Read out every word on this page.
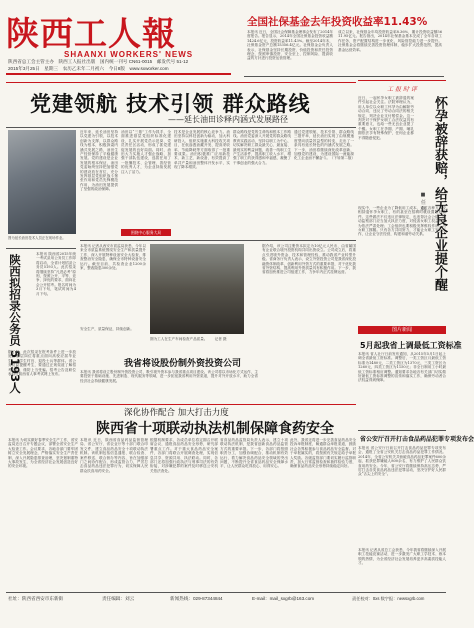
陕西工人報
SHAANXI WORKERS' NEWS
陕西省总工会主管主办　陕西工人报社出版　国内统一刊号 CN61-0015　邮发代号 51-12
2015年3月25日　星期三　农历乙未年二月初六　今日8版　www.sxworker.com
全国社保基金去年投资收益率11.43%
本报讯 近日，全国社会保障基金理事会发布了2014年度报告。报告显示，2014年全国社保基金投资收益额1424.6亿元，投资收益率11.43%。截至2014年末，社保基金资产总额15356.4亿元。社保基金会负责人表示，社保基金坚持长期投资、价值投资和责任投资理念，按照审慎投资、安全至上、控制风险、提高收益的方针进行投资运营管理。
成立以来，社保基金年均投资收益率8.36%，累计投资收益额5611.95亿元。报告指出，2014年社保基金基本完成了全年各项工作任务，资产配置结构进一步优化，风险管控能力进一步提升。社保基金会将继续完善投资管理体制，稳步扩大投资范围，提高基金运营效率。
党建领航 技术引领 群众路线
——延长油田诊释内涵式发展路径
图为延长油田技术人员正在现场作业。
近年来，延长油田坚持以党建为引领，以技术创新为支撑，以群众路线为根本，积极探索内涵式发展之路，油田生产经营保持了平稳健康发展。党的建设是企业发展的根本保证，油田党委始终坚持把加强党的建设放在首位，充分发挥基层党组织战斗堡垒作用和党员先锋模范作用，为油田发展提供了坚强的政治保障。
油田以“三基”工作为抓手，全面推进基层党组织标准化建设，扎实开展党员示范岗、党员责任区活动，形成了抓党建促发展的良好局面。同时，油田大力实施人才强企战略，加强干部队伍建设，选拔任用了一批懂技术、会管理、善经营的优秀人才，为企业持续发展注入了活力。
围绕中心服务大局
技术是企业发展的核心竞争力。油田坚持以科技创新为驱动，加大科研投入，组织实施重大科技攻关项目，在低渗透油藏开发、提高采收率、节能降耗等方面取得了一批重要成果。油田积极推广应用新技术、新工艺、新设备，有效提高了单井产量和油田整体开发水平，实现了降本增效。
群众路线是党的生命线和根本工作路线。油田党委深入开展党的群众路线教育实践活动，坚持以职工为中心，切实解决职工群众最关心、最直接、最现实的利益问题，改善一线职工生产生活条件，提高职工收入水平，增强了职工的获得感和幸福感，凝聚了干事创业的强大合力。
通过党建领航、技术引领、群众路线三措并举，延长油田实现了由规模速度型向质量效益型的转变，走出了一条具有延长特色的内涵式发展之路。下一步，油田将继续深化改革创新，加强党的建设，为建设国际一流能源化工企业而不懈奋斗。（下转第二版）
工 报 时 评
怀孕被辞获赔，给无良企业提个醒
■ 任 何
近日，一起怀孕女职工被辞退的案件引起社会关注。法院审理认为，用人单位以女职工怀孕为由解除劳动合同，违反了劳动合同法的相关规定，判决企业支付赔偿金。这一判决对于保护女职工合法权益具有重要意义，也给一些无良企业提了个醒。女职工在孕期、产期、哺乳期依法享有特殊保护，任何企业都不得随意侵犯。
现实中，一些企业为了降低用工成本，通过各种方式变相辞退怀孕女职工，有的甚至在招聘时就设置限制条件。这些做法不仅违反法律规定，也违背社会公德。劳动监察部门应当加大执法力度，对侵害女职工权益的行为依法严肃处理；工会组织也要积极发挥维权作用，为女职工撑腰。只有各方共同努力，才能让女职工安心工作，让企业守法经营，构建和谐劳动关系。
陕西拟招录公务员 5193人	本报讯 陕西省2015年统一考试录用公务员工作即将启动，全省计划招录公务员5193人。此次招录将继续坚持“凡进必考”原则，按照公开、平等、竞争、择优的要求，面向社会公开招考。报名时间为3月下旬，笔试时间为4月下旬。
据了解，此次招录在报考条件上进一步放宽，基层岗位将重点面向高校应届毕业生、大学生村官、退役士兵等群体。省公务员局提醒考生，要通过正规渠道了解招考信息，谨防上当受骗。招考公告及职位表将在陕西省人事考试网上发布。
本报讯 记者从西安市质监局获悉，今年以来全市质监系统围绕安全生产和质量提升工作，深入开展特种设备安全大检查，排查整治安全隐患，确保全市特种设备安全运行。截至目前，共检查企业1200余家，整改隐患300余处。
安全生产，质量保证，持续创新。
图为工人在生产车间检查产品质量。　　记者 摄
我省将设股份制外资投资公司
本报讯 我省将设立股份制外资投资公司，吸引境外资本参与我省重点项目建设。该公司将以市场化方式运作，主要投资于基础设施、先进制造、现代服务等领域，进一步拓宽我省利用外资渠道，提升对外开放水平，助力全省经济社会持续健康发展。
据介绍，该公司注册资本拟定为10亿元人民币，由省属国有企业联合境外投资机构共同出资设立。公司成立后，将重点引进境外资金、技术和管理经验，推动我省产业转型升级。省商务厅负责人表示，设立外资投资公司是我省深化投融资体制改革、创新利用外资方式的重要举措，对于优化我省外资结构、提高利用外资质量具有积极作用。下一步，我省将加快推进公司组建工作，力争年内正式挂牌运营。
图片新闻
5月起我省上调最低工资标准
本报讯 省人社厅日前发布通知，从2015年5月1日起上调全省最低工资标准。调整后，一类工资区月最低工资标准为1480元，二类工资区为1370元，三类工资区为1260元，四类工资区为1150元；非全日制用工小时最低工资标准相应调整。通知要求各地各有关部门切实做好最低工资标准调整的宣传和落实工作，确保劳动者合法权益得到保障。
省公安厅召开打击食品药品犯罪专项发布会
本报讯 省公安厅日前召开打击食品药品犯罪专项发布会，通报了全省公安机关打击食品药品犯罪工作情况。2014年，全省公安机关共侦破食品药品犯罪案件600余起，抓获犯罪嫌疑人800余名，有力维护了人民群众饮食用药安全。今年，省公安厅将继续保持高压态势，严厉打击各类食品药品违法犯罪活动，坚决守护好人民群众“舌尖上的安全”。
深化协作配合 加大打击力度
陕西省十项联动执法机制保障食药安全
本报讯 近日，陕西省食品药品监督管理局、省公安厅、省农业厅等十部门联合印发文件，建立食品药品安全十项联动执法机制。该机制包括信息通报、联合检查、案件移送、联合督办等内容，旨在加强部门之间协作配合，形成监管合力，严厉打击食品药品违法犯罪行为，切实保障人民群众饮食用药安全。
根据机制要求，各成员单位将定期召开联席会议，通报食品药品安全形势，研究部署重点工作。对于重大食品药品安全案件，各部门将联合开展调查处理，实现信息共享、资源共用、执法联动。同时，各部门还将加强行政执法与刑事司法的有效衔接，对涉嫌犯罪的案件及时移送公安机关依法查处。
省食品药品监管局负责人表示，建立十项联动执法机制，是我省创新食品药品监管方式的重要举措。下一步，各部门将按照职责分工，加强协调配合，推动机制有效运行，着力解决食品药品安全领域的突出问题，不断提升全省食品药品安全保障水平，让人民群众吃得放心、用得安心。
此外，我省还将进一步完善食品药品安全投诉举报制度，畅通群众举报渠道，鼓励社会各界积极参与食品药品安全监督。对于举报属实的，将按照有关规定给予举报人奖励。各级监管部门要切实履行监管职责，加大日常监督检查和抽样检验力度，确保食品药品安全形势持续稳定向好。
本报讯 为切实做好春季安全生产工作，省安监局近日召开专题会议，部署全省安全生产大检查工作。会议要求，各地各部门要牢固树立安全发展理念，严格落实安全生产责任制，深入开展隐患排查治理，坚决遏制重特大事故发生，为全省经济社会发展创造良好的安全环境。
本报讯 记者从省总工会获悉，今年我省将继续深入开展职工技能竞赛活动，进一步激发广大职工学技术、练本领的热情，为全省经济社会发展培养更多高素质技能人才。
社址：陕西省西安市东新街	责任编辑：刘云	新闻热线：029-87344844	E-mail：mail_sxgrb@163.com	责任校对：ttxs 数字报：newsxgrb.com
